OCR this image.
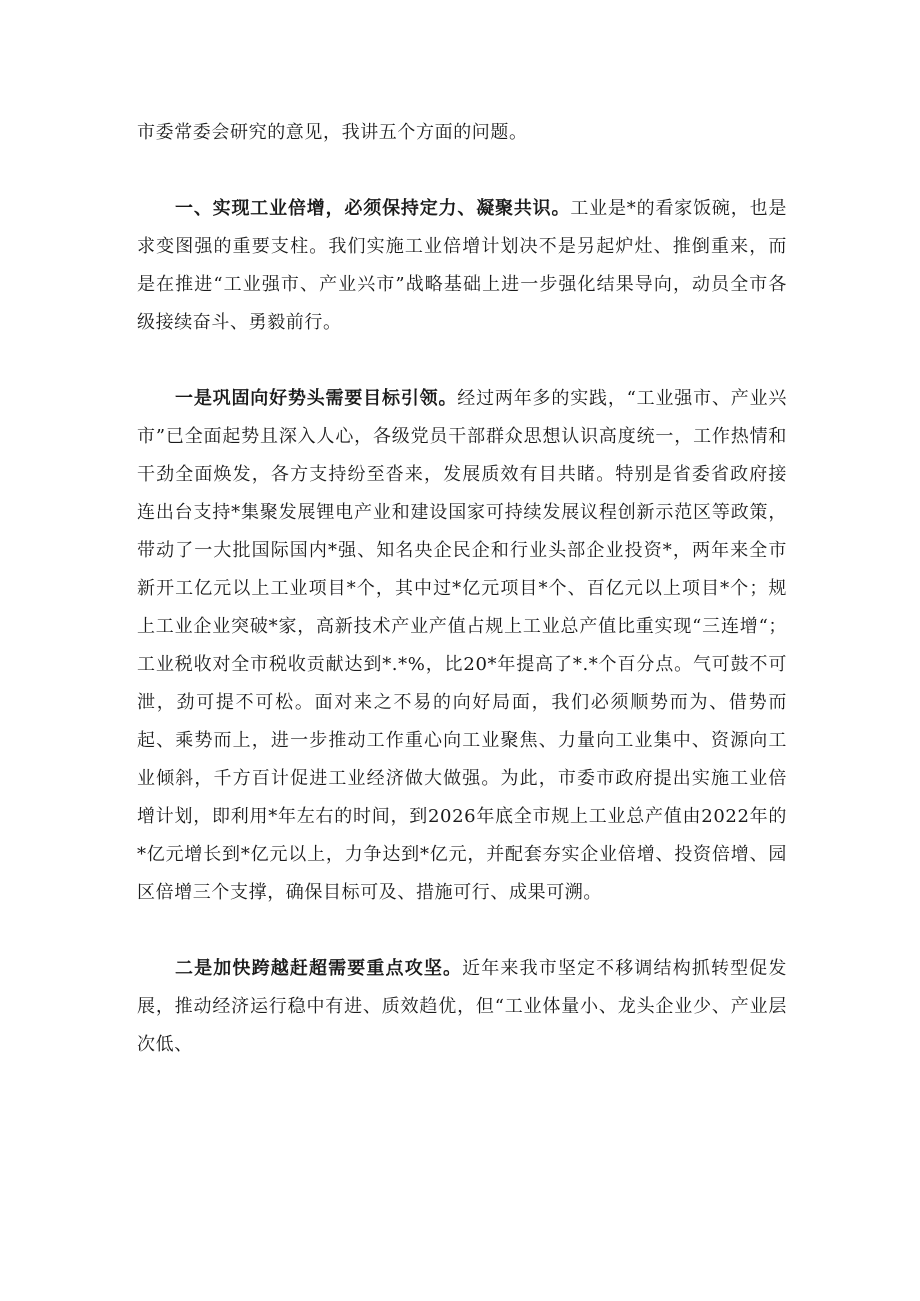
市委常委会研究的意见，我讲五个方面的问题。

一、实现工业倍增，必须保持定力、凝聚共识。工业是*的看家饭碗，也是求变图强的重要支柱。我们实施工业倍增计划决不是另起炉灶、推倒重来，而是在推进“工业强市、产业兴市”战略基础上进一步强化结果导向，动员全市各级接续奋斗、勇毅前行。

一是巩固向好势头需要目标引领。经过两年多的实践，“工业强市、产业兴市”已全面起势且深入人心，各级党员干部群众思想认识高度统一，工作热情和干劲全面焕发，各方支持纷至沓来，发展质效有目共睹。特别是省委省政府接连出台支持*集聚发展锂电产业和建设国家可持续发展议程创新示范区等政策，带动了一大批国际国内*强、知名央企民企和行业头部企业投资*，两年来全市新开工亿元以上工业项目*个，其中过*亿元项目*个、百亿元以上项目*个；规上工业企业突破*家，高新技术产业产值占规上工业总产值比重实现“三连增“；工业税收对全市税收贡献达到*.*%，比20*年提高了*.*个百分点。气可鼓不可泄，劲可提不可松。面对来之不易的向好局面，我们必须顺势而为、借势而起、乘势而上，进一步推动工作重心向工业聚焦、力量向工业集中、资源向工业倾斜，千方百计促进工业经济做大做强。为此，市委市政府提出实施工业倍增计划，即利用*年左右的时间，到2026年底全市规上工业总产值由2022年的*亿元增长到*亿元以上，力争达到*亿元，并配套夯实企业倍增、投资倍增、园区倍增三个支撑，确保目标可及、措施可行、成果可溯。

二是加快跨越赶超需要重点攻坚。近年来我市坚定不移调结构抓转型促发展，推动经济运行稳中有进、质效趋优，但“工业体量小、龙头企业少、产业层次低、
